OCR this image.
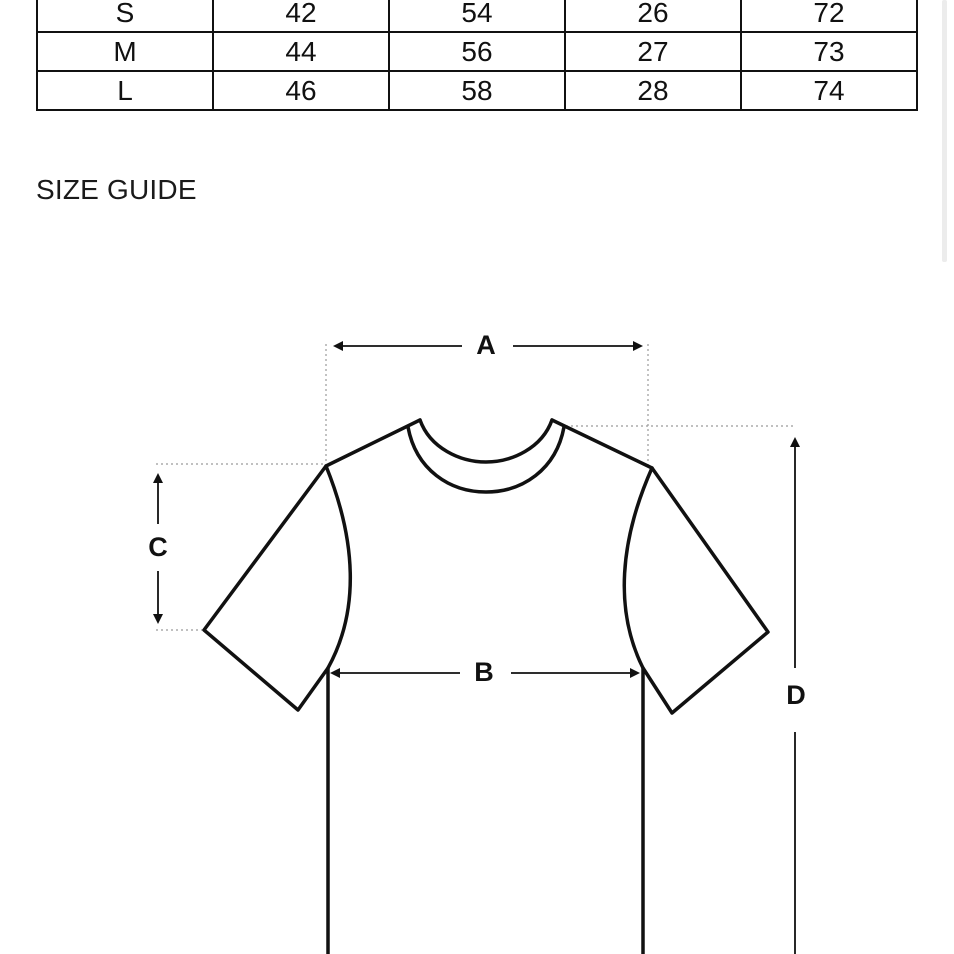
S	42	54	26	72
M	44	56	27	73
L	46	58	28	74
SIZE GUIDE
A
B
C
D
